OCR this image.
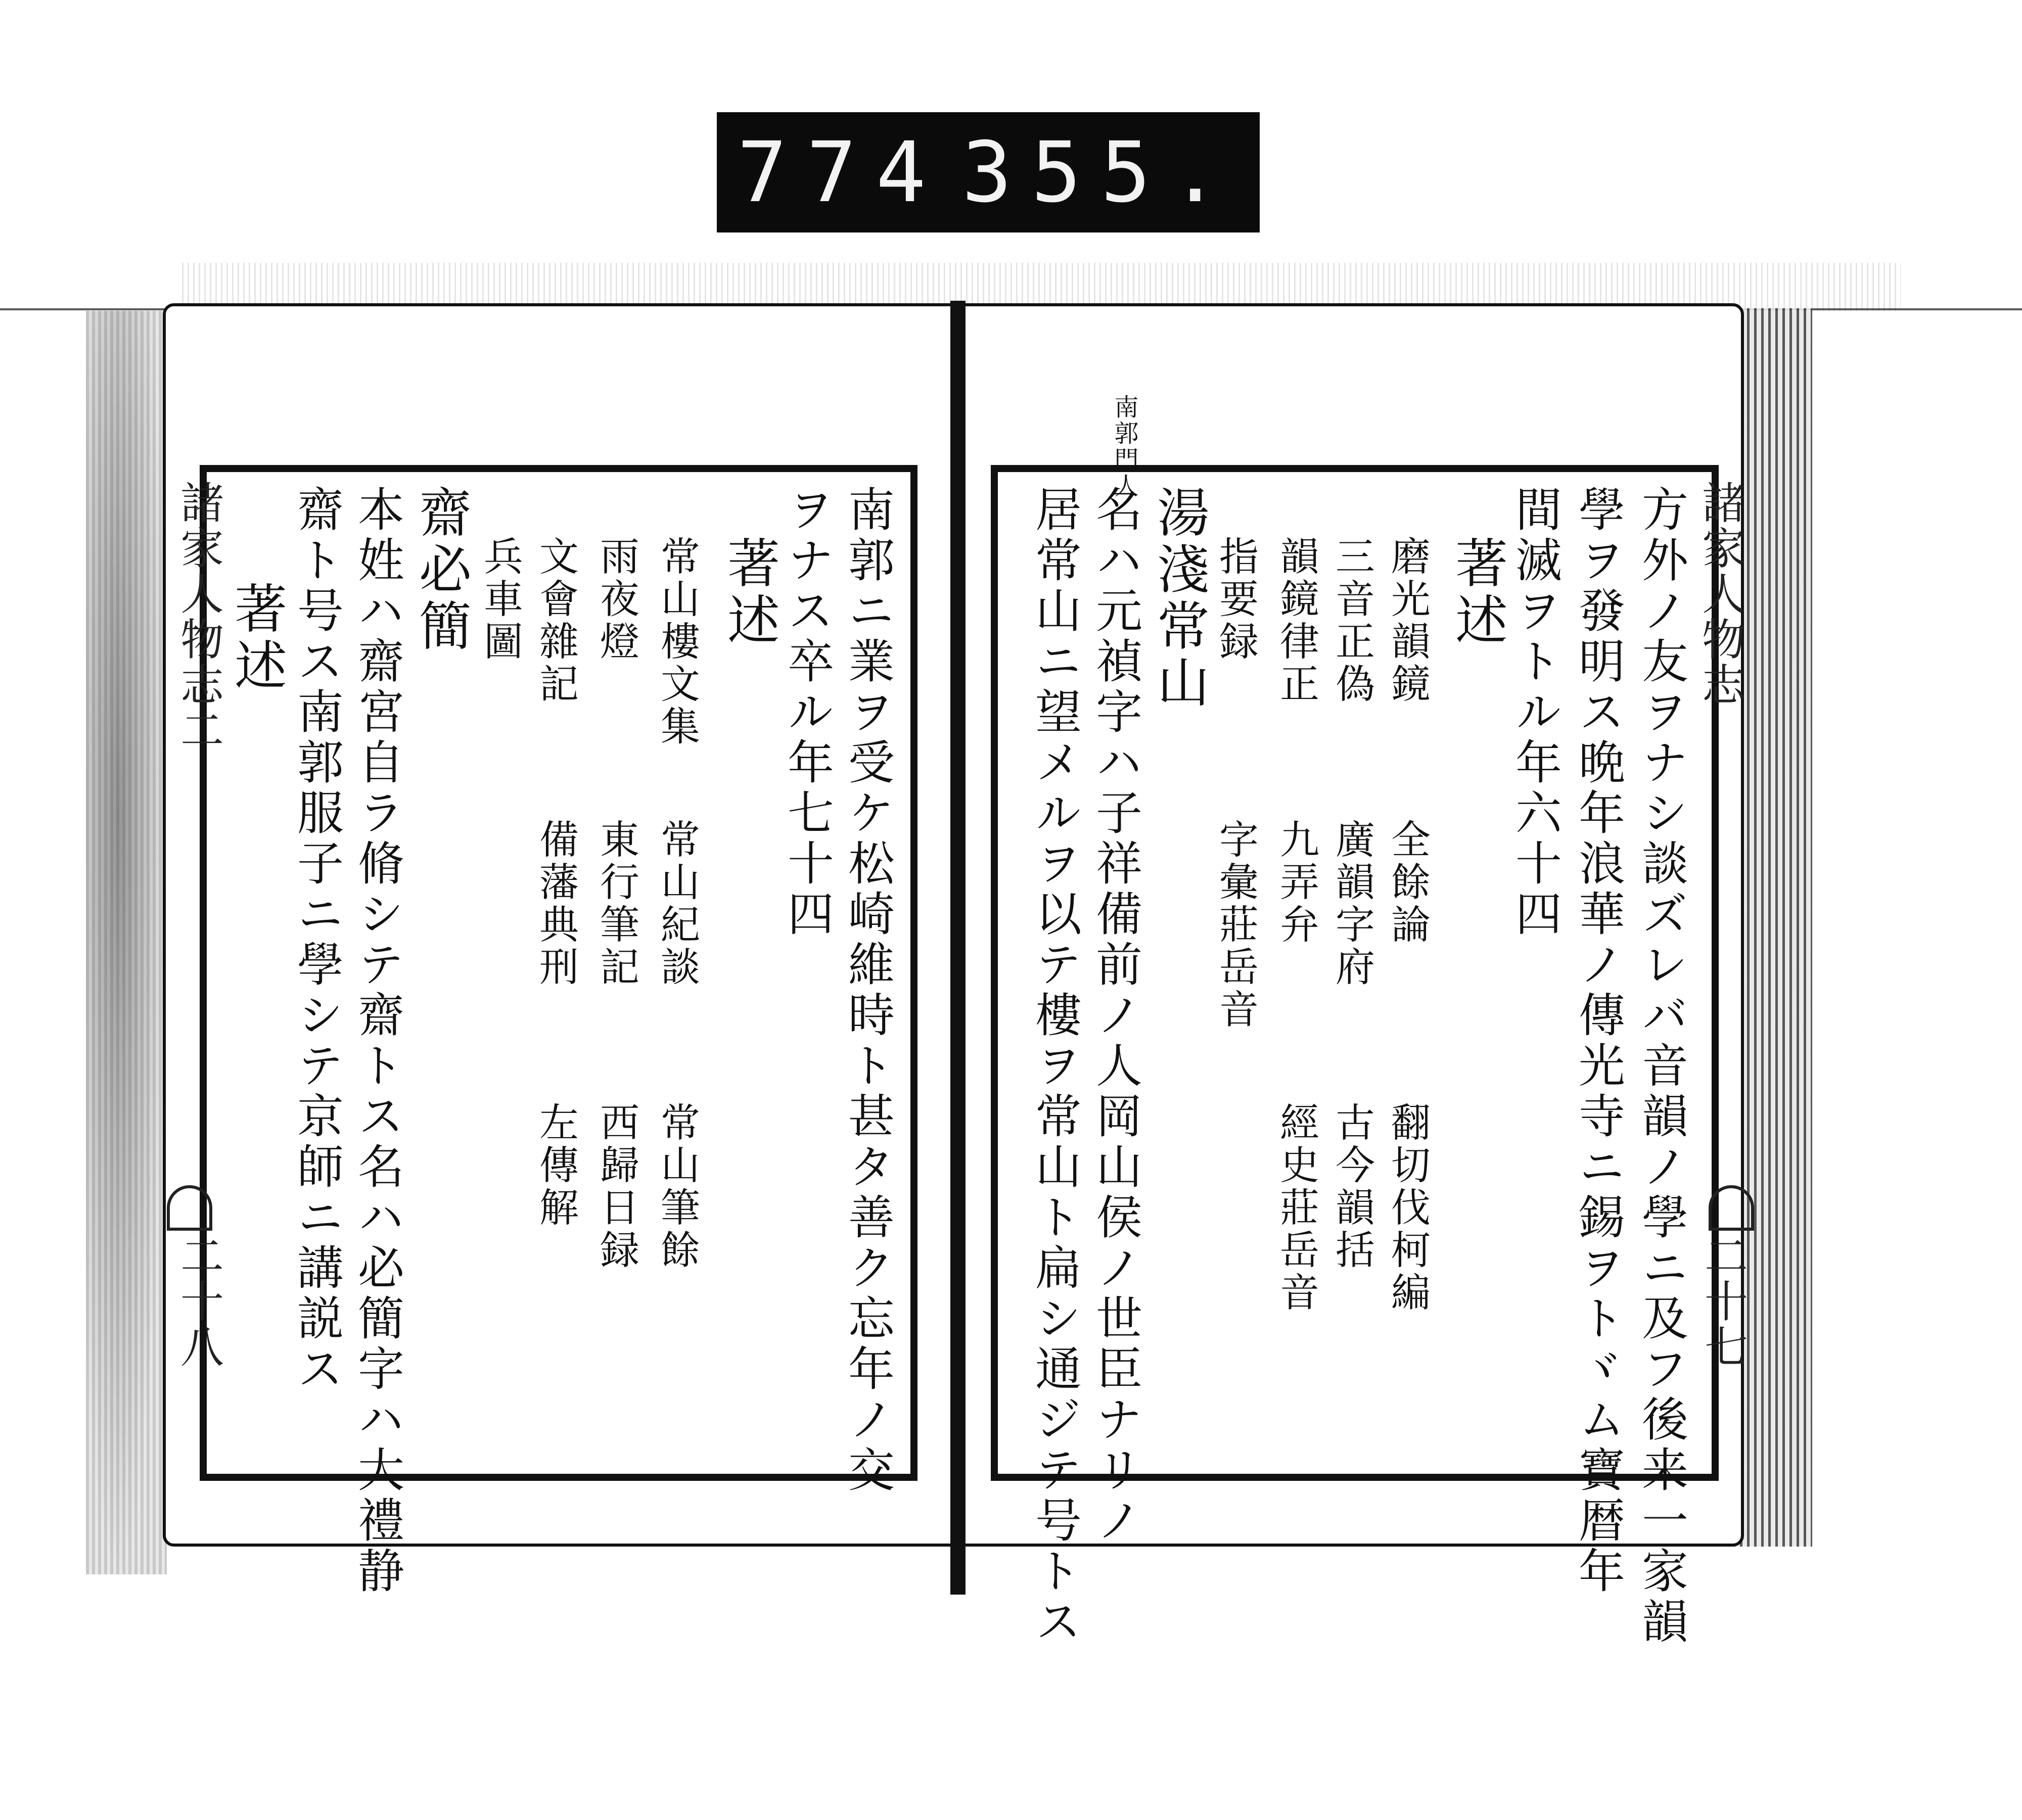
774 355.
南郭門人
諸家人物志
二十七
方外ノ友ヲナシ談ズレバ音韻ノ學ニ及フ後来一家韻
學ヲ發明ス晩年浪華ノ傳光寺ニ錫ヲトヾム寶暦年
間滅ヲトル年六十四
著述
磨光韻鏡
三音正偽
韻鏡律正
指要録
全餘論
翻切伐柯編
廣韻字府
古今韻括
九弄弁
經史莊岳音
字彙莊岳音
湯淺常山
名ハ元禎字ハ子祥備前ノ人岡山侯ノ世臣ナリノ
居常山ニ望メルヲ以テ樓ヲ常山ト扁シ通ジテ号トス
諸家人物志二
二十八	南郭ニ業ヲ受ケ松崎維時ト甚タ善ク忘年ノ交
ヲナス卒ル年七十四
著述
常山樓文集
雨夜燈
文會雜記
兵車圖
常山紀談
常山筆餘
東行筆記
西歸日録
備藩典刑
左傳解
齋必簡
本姓ハ齋宮自ラ脩シテ齋トス名ハ必簡字ハ大禮静
齋ト号ス南郭服子ニ學シテ京師ニ講説ス
著述
